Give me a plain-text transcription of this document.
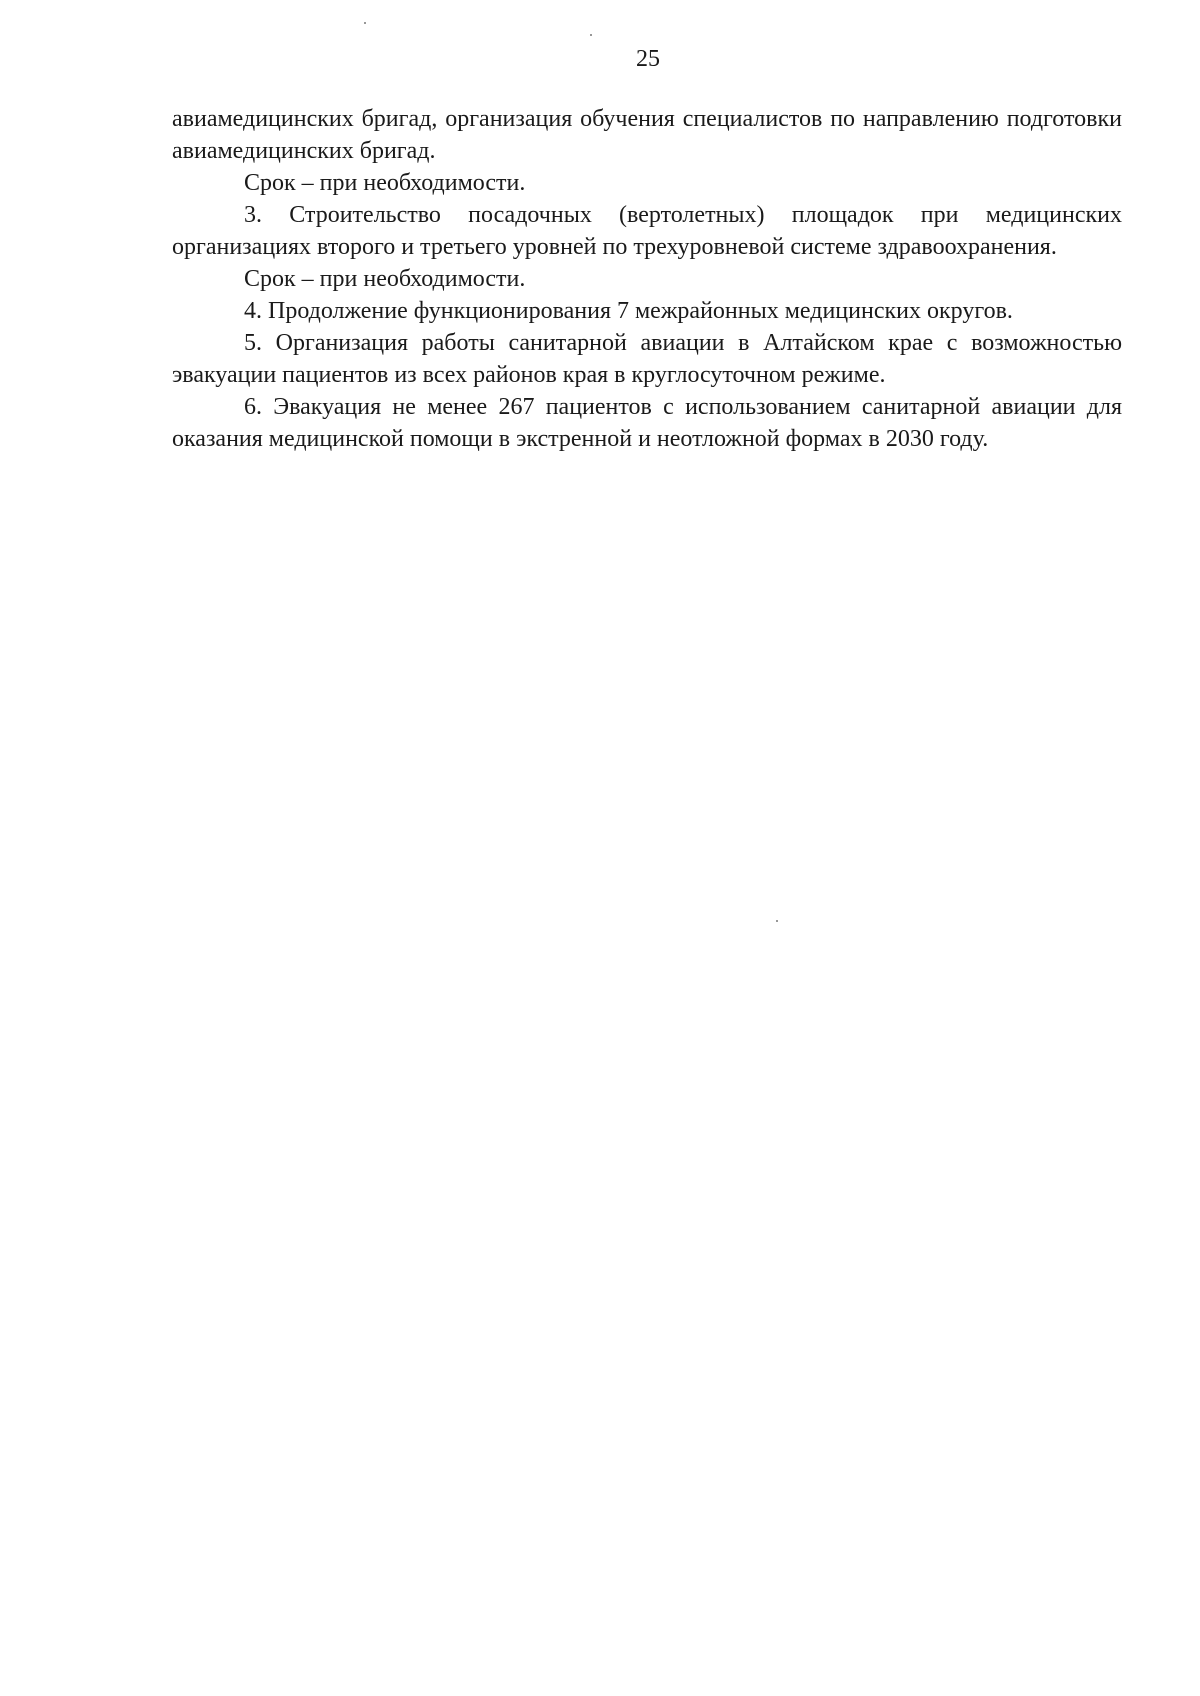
25

авиамедицинских бригад, организация обучения специалистов по направлению подготовки авиамедицинских бригад.

Срок – при необходимости.

3. Строительство посадочных (вертолетных) площадок при медицинских организациях второго и третьего уровней по трехуровневой системе здравоохранения.

Срок – при необходимости.

4. Продолжение функционирования 7 межрайонных медицинских округов.

5. Организация работы санитарной авиации в Алтайском крае с возможностью эвакуации пациентов из всех районов края в круглосуточном режиме.

6. Эвакуация не менее 267 пациентов с использованием санитарной авиации для оказания медицинской помощи в экстренной и неотложной формах в 2030 году.
